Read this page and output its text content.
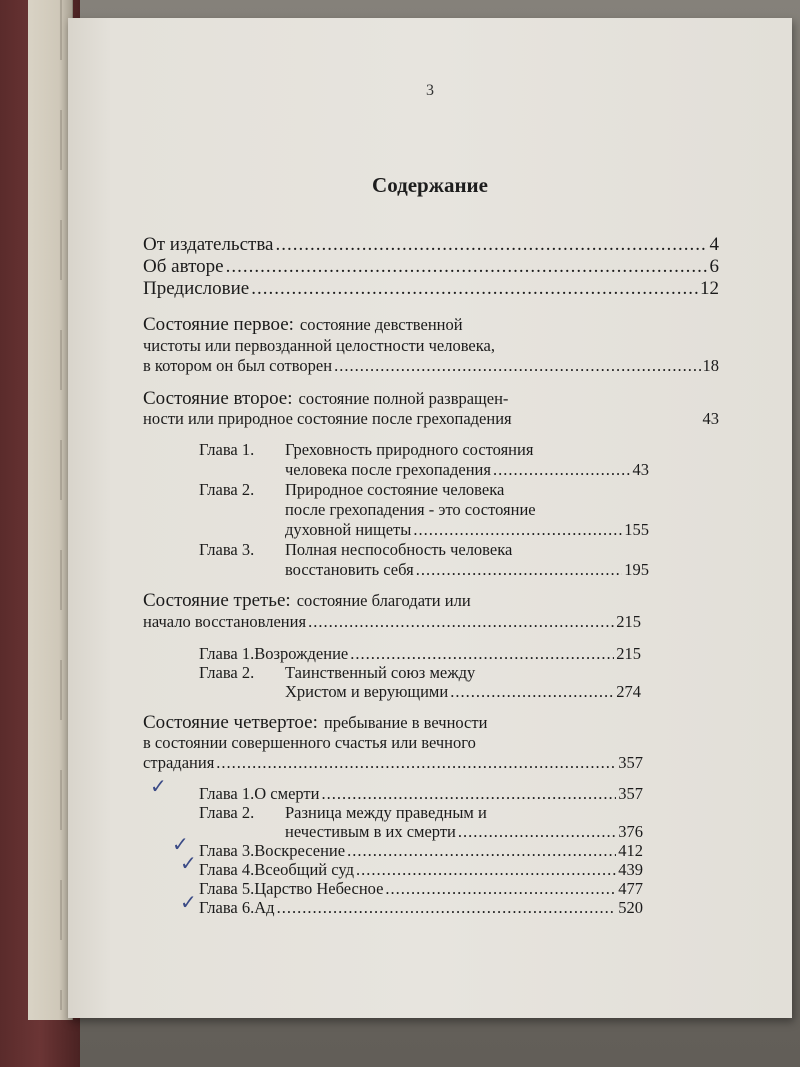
3
Содержание
От издательства .....	4
Об авторе .....	6
Предисловие .....	12
Состояние первое: состояние девственной
чистоты или первозданной целостности человека,
в котором он был сотворен .....	18
Состояние второе: состояние полной развращен-
ности или природное состояние после грехопадения	43
Глава 1.	Греховность природного состояния
человека после грехопадения .....	43
Глава 2.	Природное состояние человека
после грехопадения - это состояние
духовной нищеты .....	155
Глава 3.	Полная неспособность человека
восстановить себя .....	195
Состояние третье: состояние благодати или
начало восстановления .....	215
Глава 1. Возрождение .....	215
Глава 2.	Таинственный союз между
Христом и верующими .....	274
Состояние четвертое: пребывание в вечности
в состоянии совершенного счастья или вечного
страдания .....	357
Глава 1. О смерти .....	357
Глава 2.	Разница между праведным и
нечестивым в их смерти .....	376
Глава 3. Воскресение .....	412
Глава 4. Всеобщий суд .....	439
Глава 5. Царство Небесное .....	477
Глава 6. Ад .....	520
✓
✓
✓
✓
